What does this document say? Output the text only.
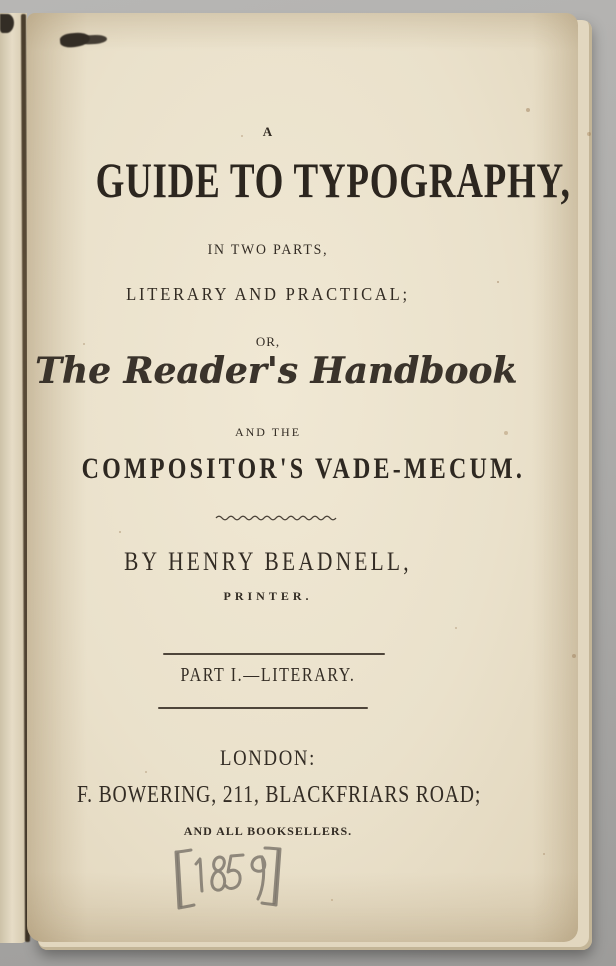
A
GUIDE TO TYPOGRAPHY,
IN TWO PARTS,
LITERARY AND PRACTICAL;
OR,
The Reader's Handbook
AND THE
COMPOSITOR'S VADE-MECUM.
BY HENRY BEADNELL,
PRINTER.
PART I.—LITERARY.
LONDON:
F. BOWERING, 211, BLACKFRIARS ROAD;
AND ALL BOOKSELLERS.
